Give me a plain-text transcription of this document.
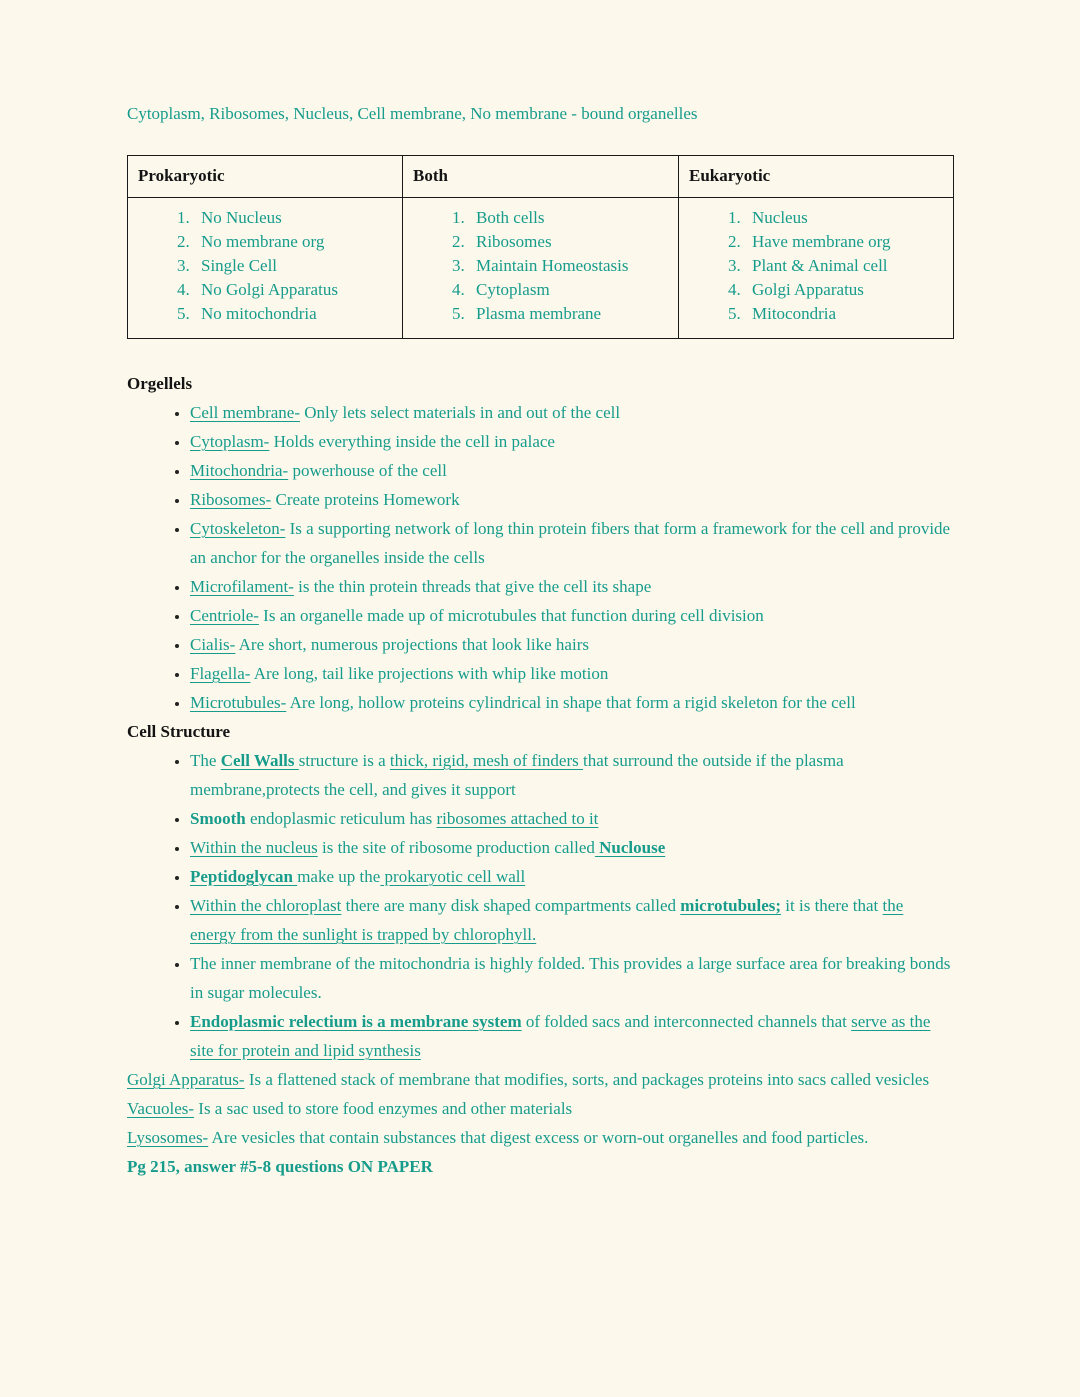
Cytoplasm, Ribosomes, Nucleus, Cell membrane, No membrane - bound organelles

Prokaryotic	Both	Eukaryotic

1. No Nucleus
2. No membrane org
3. Single Cell
4. No Golgi Apparatus
5. No mitochondria

1. Both cells
2. Ribosomes
3. Maintain Homeostasis
4. Cytoplasm
5. Plasma membrane

1. Nucleus
2. Have membrane org
3. Plant & Animal cell
4. Golgi Apparatus
5. Mitocondria
Orgellels
• Cell membrane- Only lets select materials in and out of the cell
• Cytoplasm- Holds everything inside the cell in palace
• Mitochondria- powerhouse of the cell
• Ribosomes- Create proteins Homework
• Cytoskeleton- Is a supporting network of long thin protein fibers that form a framework for the cell and provide an anchor for the organelles inside the cells
• Microfilament- is the thin protein threads that give the cell its shape
• Centriole- Is an organelle made up of microtubules that function during cell division
• Cialis- Are short, numerous projections that look like hairs
• Flagella- Are long, tail like projections with whip like motion
• Microtubules- Are long, hollow proteins cylindrical in shape that form a rigid skeleton for the cell
Cell Structure
• The Cell Walls structure is a thick, rigid, mesh of finders that surround the outside if the plasma membrane,protects the cell, and gives it support
• Smooth endoplasmic reticulum has ribosomes attached to it
• Within the nucleus is the site of ribosome production called Nuclouse
• Peptidoglycan make up the prokaryotic cell wall
• Within the chloroplast there are many disk shaped compartments called microtubules; it is there that the energy from the sunlight is trapped by chlorophyll.
• The inner membrane of the mitochondria is highly folded. This provides a large surface area for breaking bonds in sugar molecules.
• Endoplasmic relectium is a membrane system of folded sacs and interconnected channels that serve as the site for protein and lipid synthesis

Golgi Apparatus- Is a flattened stack of membrane that modifies, sorts, and packages proteins into sacs called vesicles

Vacuoles- Is a sac used to store food enzymes and other materials

Lysosomes- Are vesicles that contain substances that digest excess or worn-out organelles and food particles.

Pg 215, answer #5-8 questions ON PAPER
